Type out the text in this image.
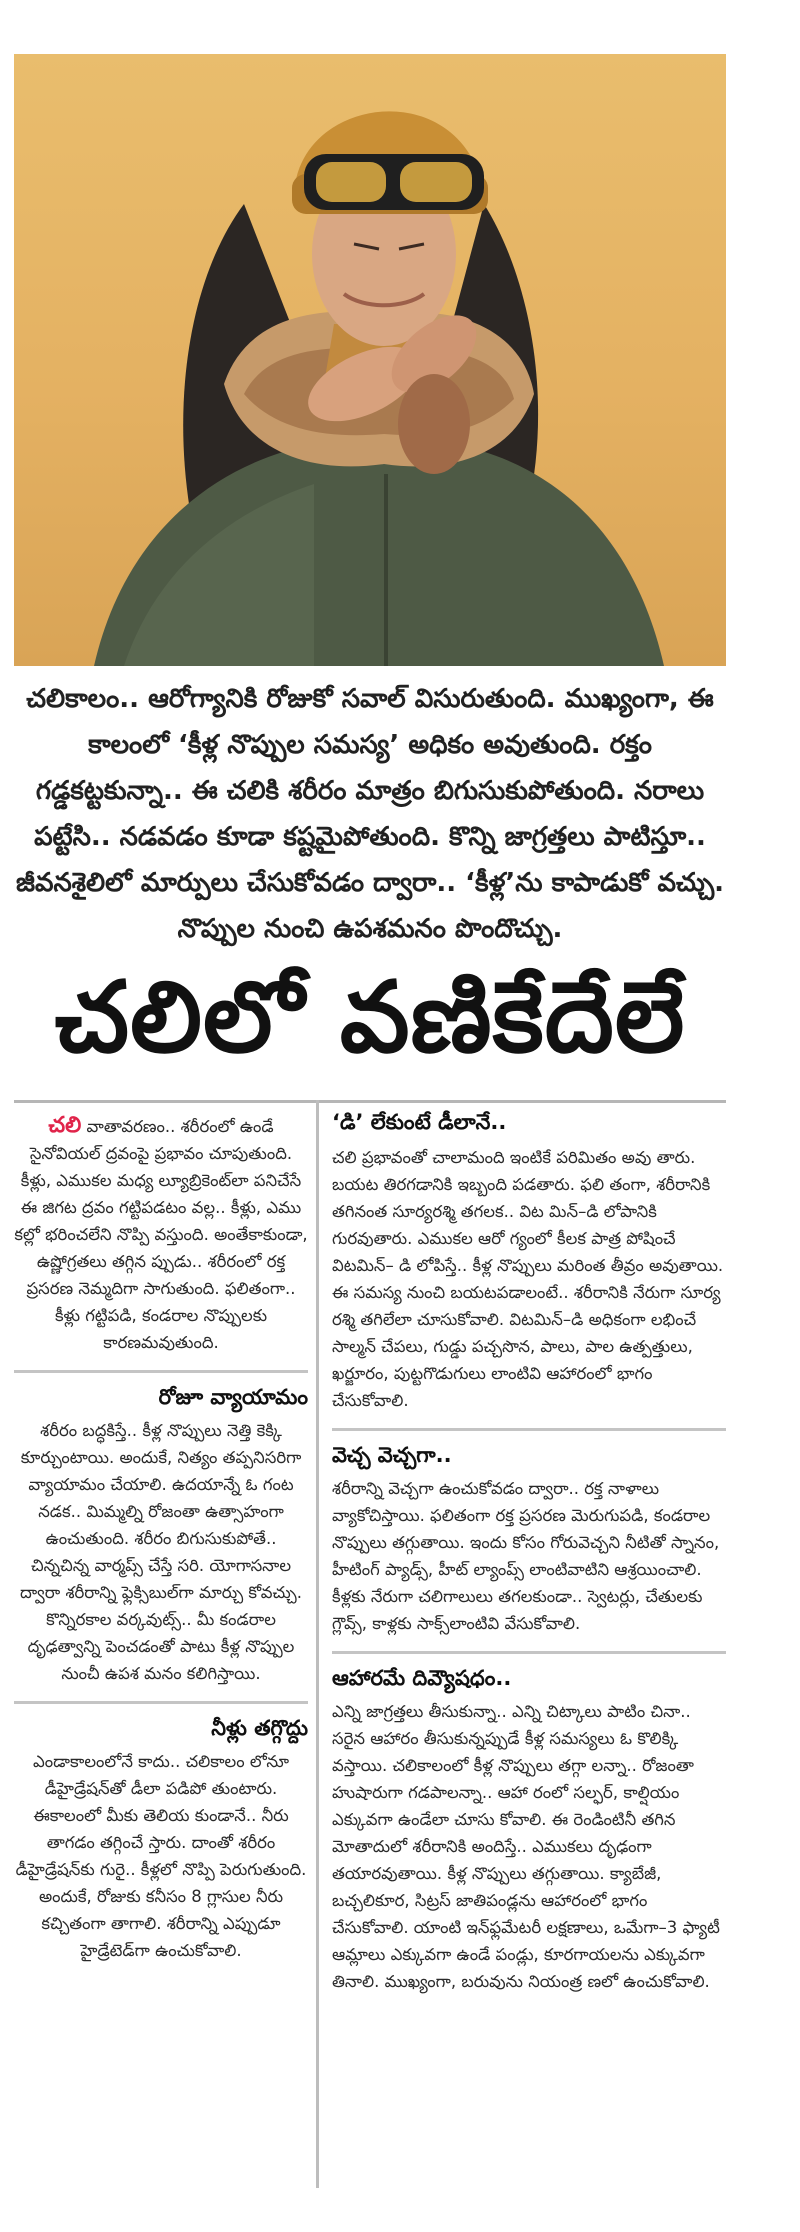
చలికాలం.. ఆరోగ్యానికి రోజుకో సవాల్ విసురుతుంది. ముఖ్యంగా, ఈ కాలంలో ‘కీళ్ల నొప్పుల సమస్య’ అధికం అవుతుంది. రక్తం గడ్డకట్టకున్నా.. ఈ చలికి శరీరం మాత్రం బిగుసుకుపోతుంది. నరాలు పట్టేసి.. నడవడం కూడా కష్టమైపోతుంది. కొన్ని జాగ్రత్తలు పాటిస్తూ.. జీవనశైలిలో మార్పులు చేసుకోవడం ద్వారా.. ‘కీళ్ల’ను కాపాడుకో వచ్చు. నొప్పుల నుంచి ఉపశమనం పొందొచ్చు.
చలిలో వణికేదేలే
చలి వాతావరణం.. శరీరంలో ఉండే సైనోవియల్ ద్రవంపై ప్రభావం చూపుతుంది. కీళ్లు, ఎముకల మధ్య ల్యూబ్రికెంట్‌లా పనిచేసే ఈ జిగట ద్రవం గట్టిపడటం వల్ల.. కీళ్లు, ఎము కల్లో భరించలేని నొప్పి వస్తుంది. అంతేకాకుండా, ఉష్ణోగ్రతలు తగ్గిన ప్పుడు.. శరీరంలో రక్త ప్రసరణ నెమ్మదిగా సాగుతుంది. ఫలితంగా.. కీళ్లు గట్టిపడి, కండరాల నొప్పులకు కారణమవుతుంది.
రోజూ వ్యాయామం
శరీరం బద్ధకిస్తే.. కీళ్ల నొప్పులు నెత్తి కెక్కి కూర్చుంటాయి. అందుకే, నిత్యం తప్పనిసరిగా వ్యాయామం చేయాలి. ఉదయాన్నే ఓ గంట నడక.. మిమ్మల్ని రోజంతా ఉత్సాహంగా ఉంచుతుంది. శరీరం బిగుసుకుపోతే.. చిన్నచిన్న వార్మప్స్ చేస్తే సరి. యోగాసనాల ద్వారా శరీరాన్ని ఫ్లెక్సిబుల్‌గా మార్చు కోవచ్చు. కొన్నిరకాల వర్కవుట్స్.. మీ కండరాల దృఢత్వాన్ని పెంచడంతో పాటు కీళ్ల నొప్పుల నుంచీ ఉపశ మనం కలిగిస్తాయి.
నీళ్లు తగ్గొద్దు
ఎండాకాలంలోనే కాదు.. చలికాలం లోనూ డీహైడ్రేషన్‌తో డీలా పడిపో తుంటారు. ఈకాలంలో మీకు తెలియ కుండానే.. నీరు తాగడం తగ్గించే స్తారు. దాంతో శరీరం డీహైడ్రేషన్‌కు గురై.. కీళ్లలో నొప్పి పెరుగుతుంది. అందుకే, రోజుకు కనీసం 8 గ్లాసుల నీరు కచ్చితంగా తాగాలి. శరీరాన్ని ఎప్పుడూ హైడ్రేటెడ్‌గా ఉంచుకోవాలి.
‘డి’ లేకుంటే డీలానే..
చలి ప్రభావంతో చాలామంది ఇంటికే పరిమితం అవు తారు. బయట తిరగడానికి ఇబ్బంది పడతారు. ఫలి తంగా, శరీరానికి తగినంత సూర్యరశ్మి తగలక.. విట మిన్–డి లోపానికి గురవుతారు. ఎముకల ఆరో గ్యంలో కీలక పాత్ర పోషించే విటమిన్– డి లోపిస్తే.. కీళ్ల నొప్పులు మరింత తీవ్రం అవుతాయి. ఈ సమస్య నుంచి బయటపడాలంటే.. శరీరానికి నేరుగా సూర్య రశ్మి తగిలేలా చూసుకోవాలి. విటమిన్–డి అధికంగా లభించే సాల్మన్ చేపలు, గుడ్డు పచ్చసొన, పాలు, పాల ఉత్పత్తులు, ఖర్జూరం, పుట్టగొడుగులు లాంటివి ఆహారంలో భాగం చేసుకోవాలి.
వెచ్చ వెచ్చగా..
శరీరాన్ని వెచ్చగా ఉంచుకోవడం ద్వారా.. రక్త నాళాలు వ్యాకోచిస్తాయి. ఫలితంగా రక్త ప్రసరణ మెరుగుపడి, కండరాల నొప్పులు తగ్గుతాయి. ఇందు కోసం గోరువెచ్చని నీటితో స్నానం, హీటింగ్ ప్యాడ్స్, హీట్ ల్యాంప్స్ లాంటివాటిని ఆశ్రయించాలి. కీళ్లకు నేరుగా చలిగాలులు తగలకుండా.. స్వెటర్లు, చేతులకు గ్లౌవ్స్, కాళ్లకు సాక్స్‌లాంటివి వేసుకోవాలి.
ఆహారమే దివ్యౌషధం..
ఎన్ని జాగ్రత్తలు తీసుకున్నా.. ఎన్ని చిట్కాలు పాటిం చినా.. సరైన ఆహారం తీసుకున్నప్పుడే కీళ్ల సమస్యలు ఓ కొలిక్కి వస్తాయి. చలికాలంలో కీళ్ల నొప్పులు తగ్గా లన్నా.. రోజంతా హుషారుగా గడపాలన్నా.. ఆహా రంలో సల్ఫర్, కాల్షియం ఎక్కువగా ఉండేలా చూసు కోవాలి. ఈ రెండింటినీ తగిన మోతాదులో శరీరానికి అందిస్తే.. ఎముకలు దృఢంగా తయారవుతాయి. కీళ్ల నొప్పులు తగ్గుతాయి. క్యాబేజీ, బచ్చలికూర, సిట్రస్ జాతిపండ్లను ఆహారంలో భాగం చేసుకోవాలి. యాంటి ఇన్‌ఫ్లమేటరీ లక్షణాలు, ఒమేగా–3 ఫ్యాటీ ఆమ్లాలు ఎక్కువగా ఉండే పండ్లు, కూరగాయలను ఎక్కువగా తినాలి. ముఖ్యంగా, బరువును నియంత్ర ణలో ఉంచుకోవాలి.
